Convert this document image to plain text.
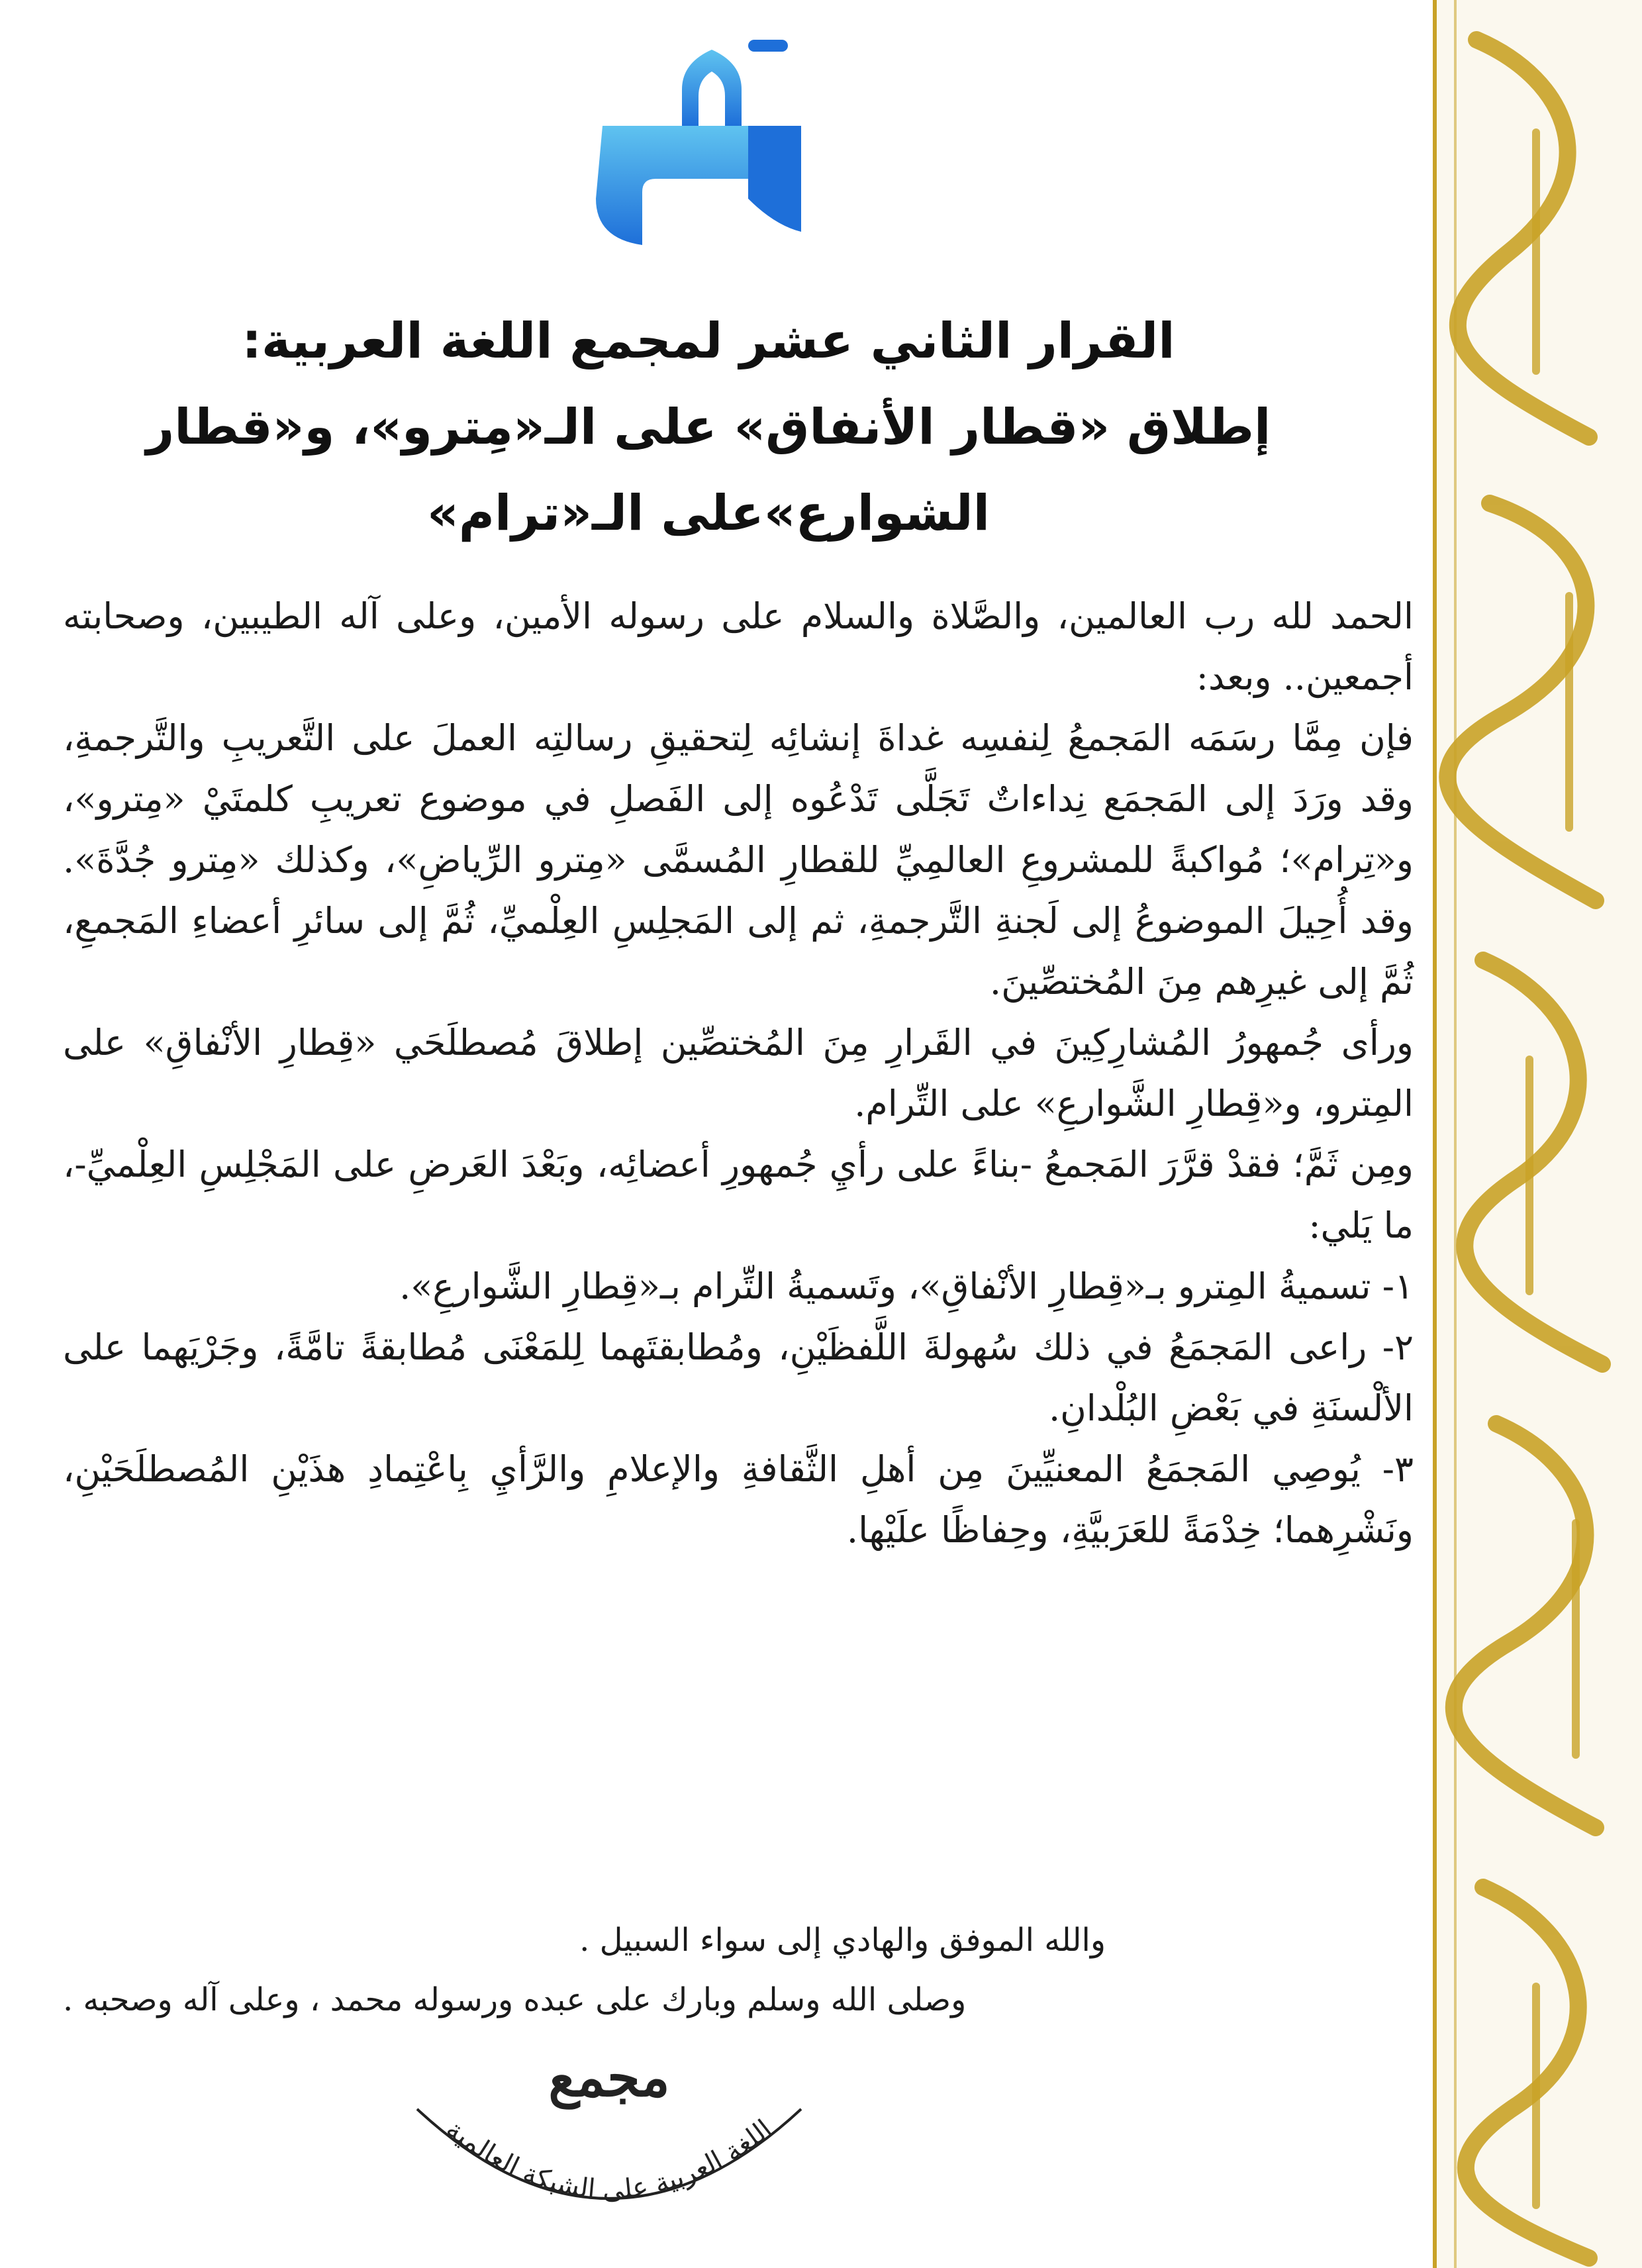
القرار الثاني عشر لمجمع اللغة العربية:
إطلاق «قطار الأنفاق» على الـ«مِترو»، و«قطار
الشوارع»على الـ«ترام»

الحمد لله رب العالمين، والصَّلاة والسلام على رسوله الأمين، وعلى آله الطيبين، وصحابته أجمعين.. وبعد:

فإن مِمَّا رسَمَه المَجمعُ لِنفسِه غداةَ إنشائِه لِتحقيقِ رسالتِه العملَ على التَّعريبِ والتَّرجمةِ، وقد ورَدَ إلى المَجمَع نِداءاتٌ تَجَلَّى تَدْعُوه إلى الفَصلِ في موضوع تعريبِ كلمتَيْ «مِترو»، و«تِرام»؛ مُواكبةً للمشروعِ العالمِيِّ للقطارِ المُسمَّى «مِترو الرِّياضِ»، وكذلك «مِترو جُدَّةَ». وقد أُحِيلَ الموضوعُ إلى لَجنةِ التَّرجمةِ، ثم إلى المَجلِسِ العِلْميِّ، ثُمَّ إلى سائرِ أعضاءِ المَجمعِ، ثُمَّ إلى غيرِهم مِنَ المُختصِّينَ.

ورأى جُمهورُ المُشارِكِينَ في القَرارِ مِنَ المُختصِّين إطلاقَ مُصطلَحَي «قِطارِ الأنْفاقِ» على المِترو، و«قِطارِ الشَّوارعِ» على التِّرام.

ومِن ثَمَّ؛ فقدْ قرَّرَ المَجمعُ -بناءً على رأيِ جُمهورِ أعضائِه، وبَعْدَ العَرضِ على المَجْلِسِ العِلْميِّ-، ما يَلي:

١- تسميةُ المِترو بـ«قِطارِ الأنْفاقِ»، وتَسميةُ التِّرام بـ«قِطارِ الشَّوارعِ».

٢- راعى المَجمَعُ في ذلك سُهولةَ اللَّفظَيْنِ، ومُطابقتَهما لِلمَعْنَى مُطابقةً تامَّةً، وجَرْيَهما على الألْسنَةِ في بَعْضِ البُلْدانِ.

٣- يُوصِي المَجمَعُ المعنيِّينَ مِن أهلِ الثَّقافةِ والإعلامِ والرَّأيِ بِاعْتِمادِ هذَيْنِ المُصطلَحَيْنِ، ونَشْرِهما؛ خِدْمَةً للعَرَبيَّةِ، وحِفاظًا علَيْها.

والله الموفق والهادي إلى سواء السبيل .
وصلى الله وسلم وبارك على عبده ورسوله محمد ، وعلى آله وصحبه .
مجمع
اللغة العربية على الشبكة العالمية
